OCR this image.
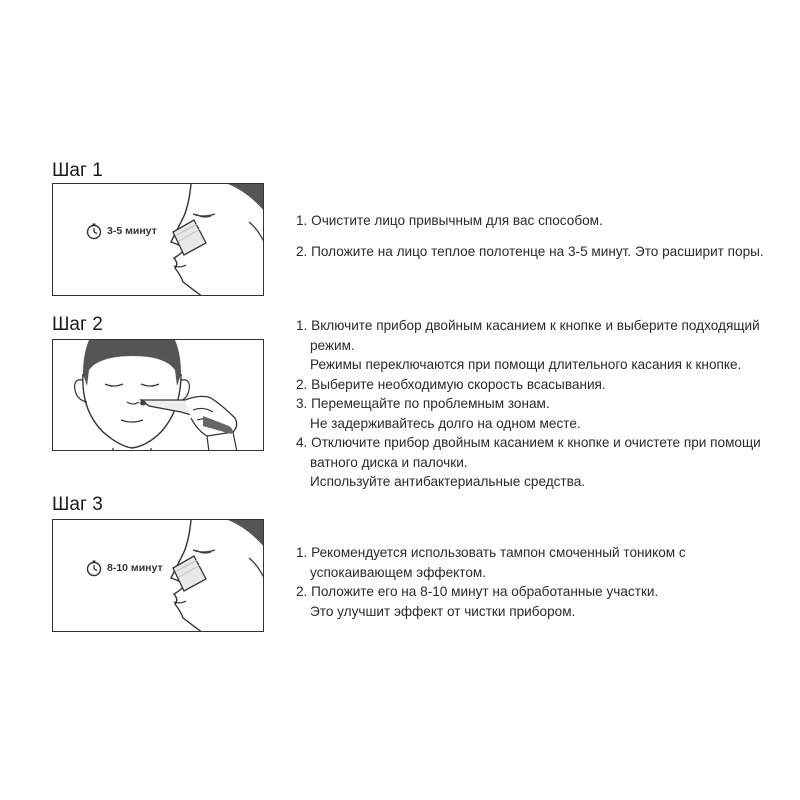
Шаг 1
3-5 минут
1. Очистите лицо привычным для вас способом.
2. Положите на лицо теплое полотенце на 3-5 минут. Это расширит поры.
Шаг 2	1. Включите прибор двойным касанием к кнопке и выберите подходящий
режим.
Режимы переключаются при помощи длительного касания к кнопке.
2. Выберите необходимую скорость всасывания.
3. Перемещайте по проблемным зонам.
Не задерживайтесь долго на одном месте.
4. Отключите прибор двойным касанием к кнопке и очистете при помощи
ватного диска и палочки.
Используйте антибактериальные средства.
Шаг 3
8-10 минут
1. Рекомендуется использовать тампон смоченный тоником с
успокаивающем эффектом.
2. Положите его на 8-10 минут на обработанные участки.
Это улучшит эффект от чистки прибором.
